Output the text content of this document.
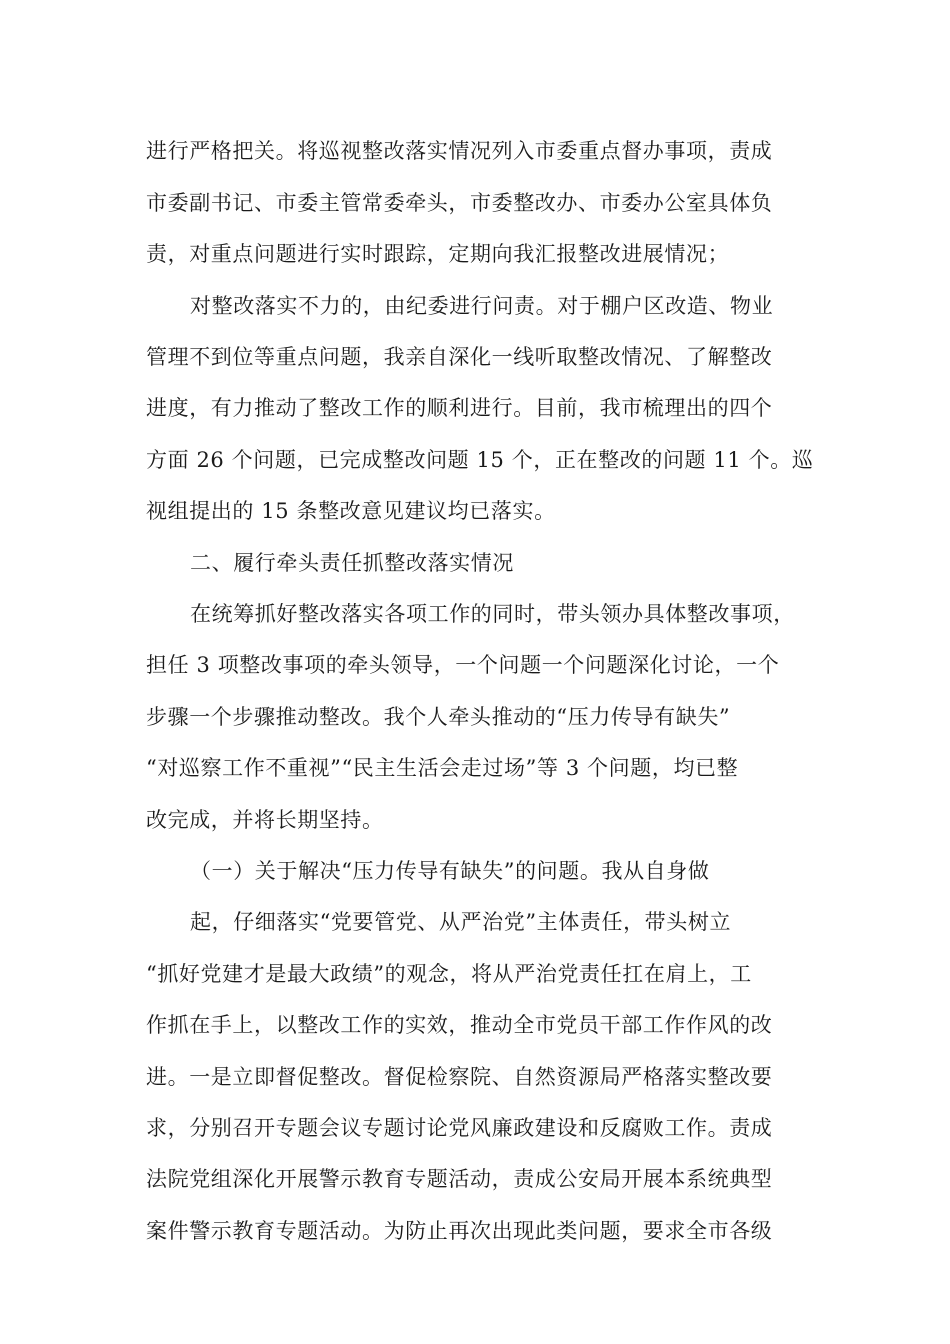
进行严格把关。将巡视整改落实情况列入市委重点督办事项，责成
市委副书记、市委主管常委牵头，市委整改办、市委办公室具体负
责，对重点问题进行实时跟踪，定期向我汇报整改进展情况；
对整改落实不力的，由纪委进行问责。对于棚户区改造、物业
管理不到位等重点问题，我亲自深化一线听取整改情况、了解整改
进度，有力推动了整改工作的顺利进行。目前，我市梳理出的四个
方面 26 个问题，已完成整改问题 15 个，正在整改的问题 11 个。巡
视组提出的 15 条整改意见建议均已落实。
二、履行牵头责任抓整改落实情况
在统筹抓好整改落实各项工作的同时，带头领办具体整改事项，
担任 3 项整改事项的牵头领导，一个问题一个问题深化讨论，一个
步骤一个步骤推动整改。我个人牵头推动的“压力传导有缺失”
“对巡察工作不重视”“民主生活会走过场”等 3 个问题，均已整
改完成，并将长期坚持。
（一）关于解决“压力传导有缺失”的问题。我从自身做
起，仔细落实“党要管党、从严治党”主体责任，带头树立
“抓好党建才是最大政绩”的观念，将从严治党责任扛在肩上，工
作抓在手上，以整改工作的实效，推动全市党员干部工作作风的改
进。一是立即督促整改。督促检察院、自然资源局严格落实整改要
求，分别召开专题会议专题讨论党风廉政建设和反腐败工作。责成
法院党组深化开展警示教育专题活动，责成公安局开展本系统典型
案件警示教育专题活动。为防止再次出现此类问题，要求全市各级
